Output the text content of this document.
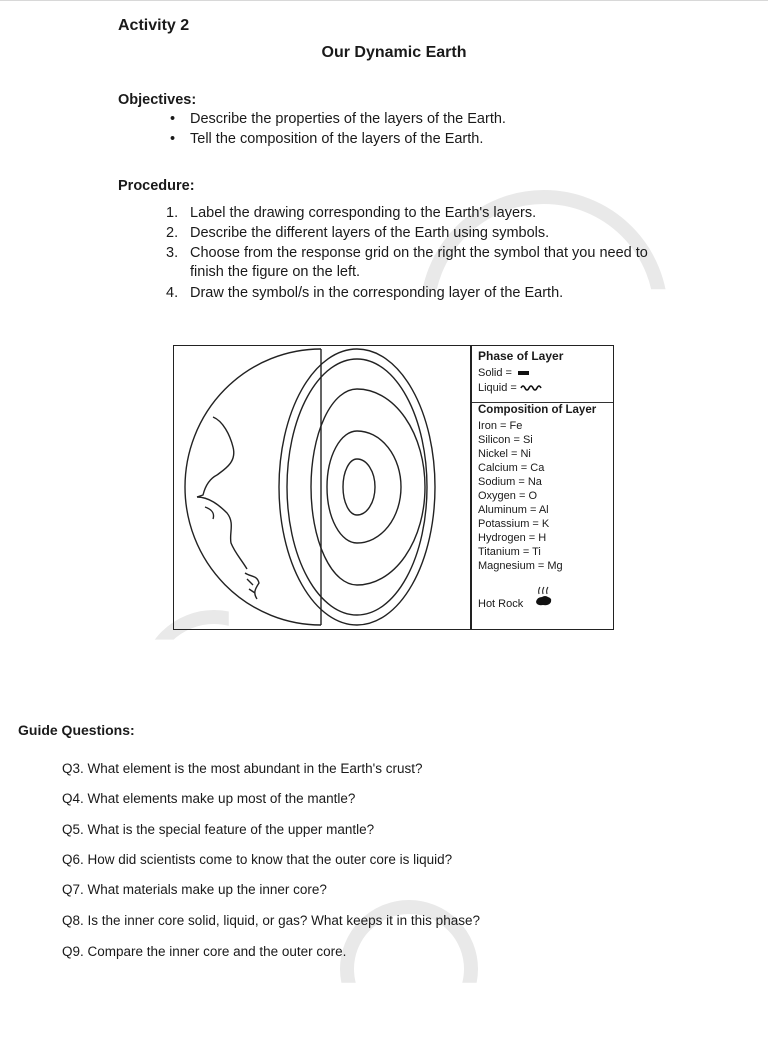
Activity 2
Our Dynamic Earth
Objectives:
• Describe the properties of the layers of the Earth.
• Tell the composition of the layers of the Earth.
Procedure:
1. Label the drawing corresponding to the Earth's layers.
2. Describe the different layers of the Earth using symbols.
3. Choose from the response grid on the right the symbol that you need to finish the figure on the left.
4. Draw the symbol/s in the corresponding layer of the Earth.
Phase of Layer
Solid =
Liquid =
Composition of Layer
Iron = Fe
Silicon = Si
Nickel = Ni
Calcium = Ca
Sodium = Na
Oxygen = O
Aluminum = Al
Potassium = K
Hydrogen = H
Titanium = Ti
Magnesium = Mg
Hot Rock
Guide Questions:
Q3. What element is the most abundant in the Earth's crust?
Q4. What elements make up most of the mantle?
Q5. What is the special feature of the upper mantle?
Q6. How did scientists come to know that the outer core is liquid?
Q7. What materials make up the inner core?
Q8. Is the inner core solid, liquid, or gas? What keeps it in this phase?
Q9. Compare the inner core and the outer core.
